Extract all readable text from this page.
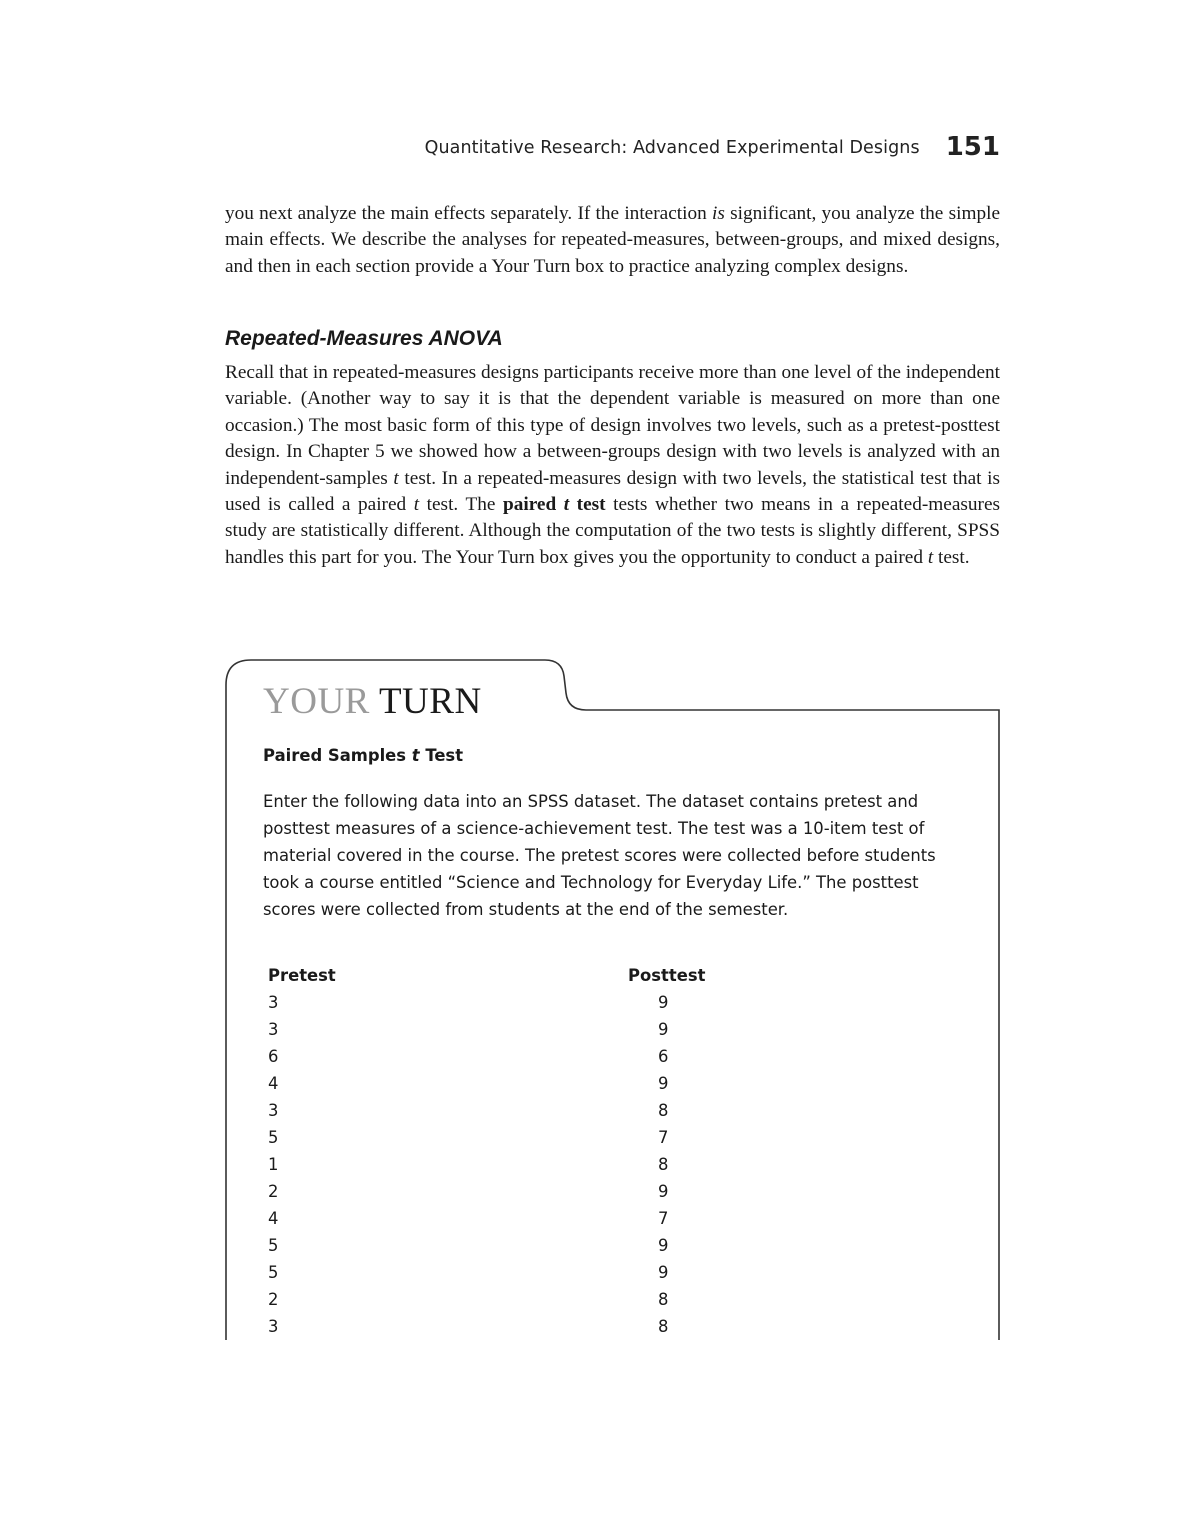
Quantitative Research: Advanced Experimental Designs 151

you next analyze the main effects separately. If the interaction is significant, you analyze the simple main effects. We describe the analyses for repeated-measures, between-groups, and mixed designs, and then in each section provide a Your Turn box to practice analyzing complex designs.

Repeated-Measures ANOVA

Recall that in repeated-measures designs participants receive more than one level of the independent variable. (Another way to say it is that the dependent variable is measured on more than one occasion.) The most basic form of this type of design involves two levels, such as a pretest-posttest design. In Chapter 5 we showed how a between-groups design with two levels is analyzed with an independent-samples t test. In a repeated-measures design with two levels, the statistical test that is used is called a paired t test. The paired t test tests whether two means in a repeated-measures study are statistically different. Although the computation of the two tests is slightly different, SPSS handles this part for you. The Your Turn box gives you the opportunity to conduct a paired t test.

YOUR TURN
Paired Samples t Test

Enter the following data into an SPSS dataset. The dataset contains pretest and posttest measures of a science-achievement test. The test was a 10-item test of material covered in the course. The pretest scores were collected before students took a course entitled “Science and Technology for Everyday Life.” The posttest scores were collected from students at the end of the semester.

Pretest	Posttest
3	9
3	9
6	6
4	9
3	8
5	7
1	8
2	9
4	7
5	9
5	9
2	8
3	8
